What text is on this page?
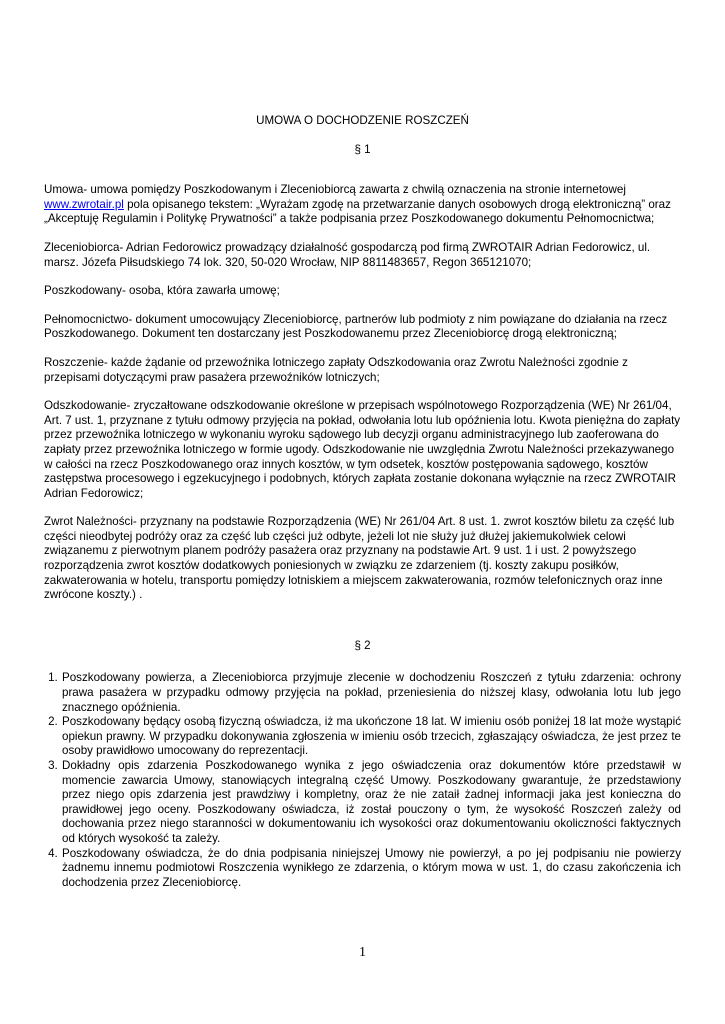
UMOWA O DOCHODZENIE ROSZCZEŃ
§ 1

Umowa- umowa pomiędzy Poszkodowanym i Zleceniobiorcą zawarta z chwilą oznaczenia na stronie internetowej www.zwrotair.pl pola opisanego tekstem: „Wyrażam zgodę na przetwarzanie danych osobowych drogą elektroniczną” oraz „Akceptuję Regulamin i Politykę Prywatności” a także podpisania przez Poszkodowanego dokumentu Pełnomocnictwa;

Zleceniobiorca- Adrian Fedorowicz prowadzący działalność gospodarczą pod firmą ZWROTAIR Adrian Fedorowicz, ul. marsz. Józefa Piłsudskiego 74 lok. 320, 50-020 Wrocław, NIP 8811483657, Regon 365121070;

Poszkodowany- osoba, która zawarła umowę;

Pełnomocnictwo- dokument umocowujący Zleceniobiorcę, partnerów lub podmioty z nim powiązane do działania na rzecz Poszkodowanego. Dokument ten dostarczany jest Poszkodowanemu przez Zleceniobiorcę drogą elektroniczną;

Roszczenie- każde żądanie od przewoźnika lotniczego zapłaty Odszkodowania oraz Zwrotu Należności zgodnie z przepisami dotyczącymi praw pasażera przewoźników lotniczych;

Odszkodowanie- zryczałtowane odszkodowanie określone w przepisach wspólnotowego Rozporządzenia (WE) Nr 261/04, Art. 7 ust. 1, przyznane z tytułu odmowy przyjęcia na pokład, odwołania lotu lub opóźnienia lotu. Kwota pieniężna do zapłaty przez przewoźnika lotniczego w wykonaniu wyroku sądowego lub decyzji organu administracyjnego lub zaoferowana do zapłaty przez przewoźnika lotniczego w formie ugody. Odszkodowanie nie uwzględnia Zwrotu Należności przekazywanego w całości na rzecz Poszkodowanego oraz innych kosztów, w tym odsetek, kosztów postępowania sądowego, kosztów zastępstwa procesowego i egzekucyjnego i podobnych, których zapłata zostanie dokonana wyłącznie na rzecz ZWROTAIR Adrian Fedorowicz;

Zwrot Należności- przyznany na podstawie Rozporządzenia (WE) Nr 261/04 Art. 8 ust. 1. zwrot kosztów biletu za część lub części nieodbytej podróży oraz za część lub części już odbyte, jeżeli lot nie służy już dłużej jakiemukolwiek celowi związanemu z pierwotnym planem podróży pasażera oraz przyznany na podstawie Art. 9 ust. 1 i ust. 2 powyższego rozporządzenia zwrot kosztów dodatkowych poniesionych w związku ze zdarzeniem (tj. koszty zakupu posiłków, zakwaterowania w hotelu, transportu pomiędzy lotniskiem a miejscem zakwaterowania, rozmów telefonicznych oraz inne zwrócone koszty.) .

§ 2
1. Poszkodowany powierza, a Zleceniobiorca przyjmuje zlecenie w dochodzeniu Roszczeń z tytułu zdarzenia: ochrony prawa pasażera w przypadku odmowy przyjęcia na pokład, przeniesienia do niższej klasy, odwołania lotu lub jego znacznego opóźnienia.
2. Poszkodowany będący osobą fizyczną oświadcza, iż ma ukończone 18 lat. W imieniu osób poniżej 18 lat może wystąpić opiekun prawny. W przypadku dokonywania zgłoszenia w imieniu osób trzecich, zgłaszający oświadcza, że jest przez te osoby prawidłowo umocowany do reprezentacji.
3. Dokładny opis zdarzenia Poszkodowanego wynika z jego oświadczenia oraz dokumentów które przedstawił w momencie zawarcia Umowy, stanowiących integralną część Umowy. Poszkodowany gwarantuje, że przedstawiony przez niego opis zdarzenia jest prawdziwy i kompletny, oraz że nie zataił żadnej informacji jaka jest konieczna do prawidłowej jego oceny. Poszkodowany oświadcza, iż został pouczony o tym, że wysokość Roszczeń zależy od dochowania przez niego staranności w dokumentowaniu ich wysokości oraz dokumentowaniu okoliczności faktycznych od których wysokość ta zależy.
4. Poszkodowany oświadcza, że do dnia podpisania niniejszej Umowy nie powierzył, a po jej podpisaniu nie powierzy żadnemu innemu podmiotowi Roszczenia wynikłego ze zdarzenia, o którym mowa w ust. 1, do czasu zakończenia ich dochodzenia przez Zleceniobiorcę.
1
